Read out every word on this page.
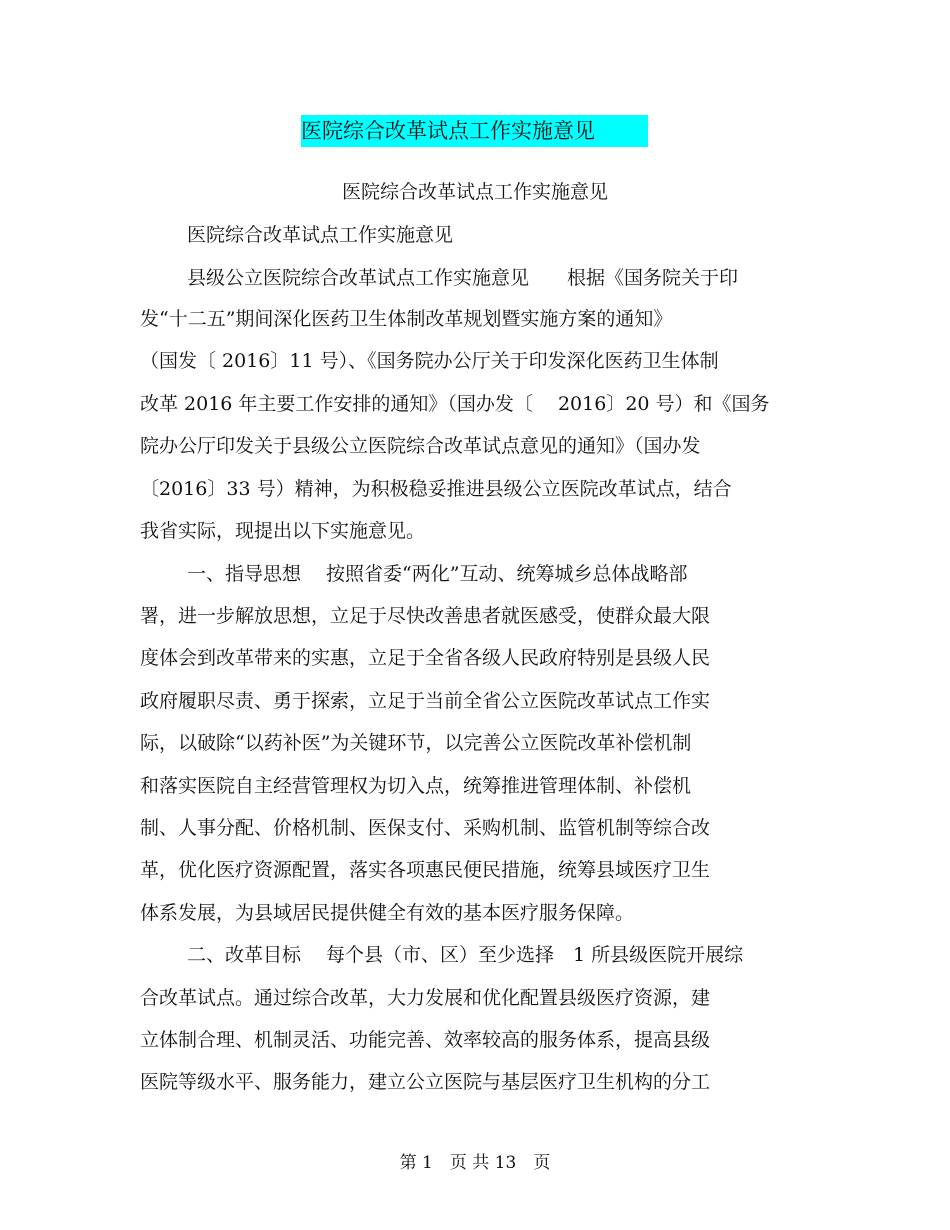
医院综合改革试点工作实施意见
医院综合改革试点工作实施意见
医院综合改革试点工作实施意见
县级公立医院综合改革试点工作实施意见　　根据《国务院关于印
发“十二五”期间深化医药卫生体制改革规划暨实施方案的通知》
（国发〔 2016〕11 号）、《国务院办公厅关于印发深化医药卫生体制
改革 2016 年主要工作安排的通知》（国办发〔　 2016〕20 号）和《国务
院办公厅印发关于县级公立医院综合改革试点意见的通知》（国办发
〔2016〕33 号）精神，为积极稳妥推进县级公立医院改革试点，结合
我省实际，现提出以下实施意见。
一、指导思想　 按照省委“两化”互动、统筹城乡总体战略部
署，进一步解放思想，立足于尽快改善患者就医感受，使群众最大限
度体会到改革带来的实惠，立足于全省各级人民政府特别是县级人民
政府履职尽责、勇于探索，立足于当前全省公立医院改革试点工作实
际，以破除“以药补医”为关键环节，以完善公立医院改革补偿机制
和落实医院自主经营管理权为切入点，统筹推进管理体制、补偿机
制、人事分配、价格机制、医保支付、采购机制、监管机制等综合改
革，优化医疗资源配置，落实各项惠民便民措施，统筹县域医疗卫生
体系发展，为县域居民提供健全有效的基本医疗服务保障。
二、改革目标　 每个县（市、区）至少选择　1 所县级医院开展综
合改革试点。通过综合改革，大力发展和优化配置县级医疗资源，建
立体制合理、机制灵活、功能完善、效率较高的服务体系，提高县级
医院等级水平、服务能力，建立公立医院与基层医疗卫生机构的分工
第 1　页 共 13　页
